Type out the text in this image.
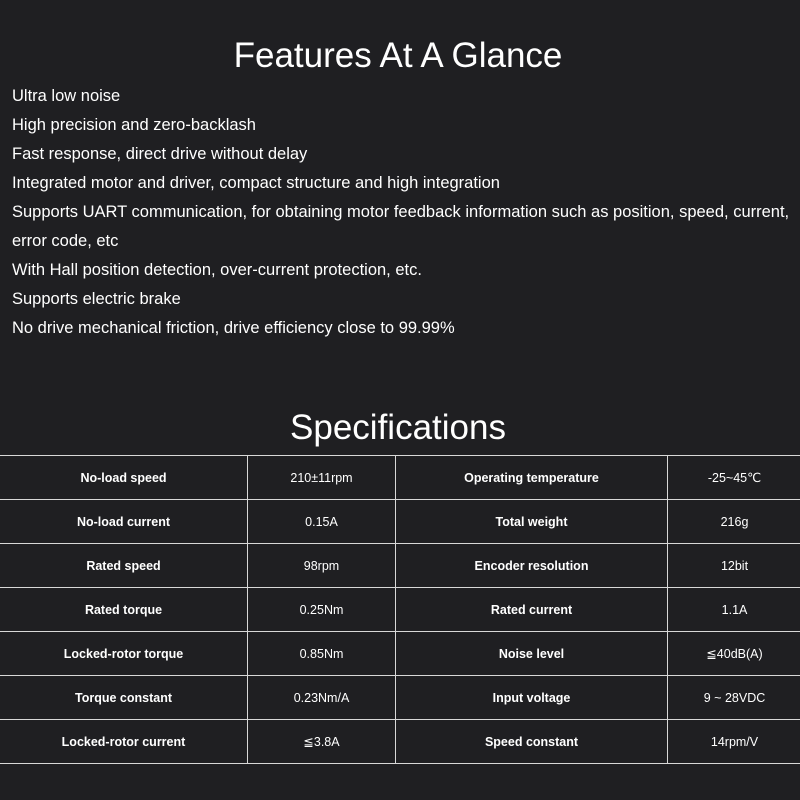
Features At A Glance
Ultra low noise
High precision and zero-backlash
Fast response, direct drive without delay
Integrated motor and driver, compact structure and high integration
Supports UART communication, for obtaining motor feedback information such as position, speed, current, error code, etc
With Hall position detection, over-current protection, etc.
Supports electric brake
No drive mechanical friction, drive efficiency close to 99.99%
Specifications
No-load speed	210±11rpm	Operating temperature	-25~45℃
No-load current	0.15A	Total weight	216g
Rated speed	98rpm	Encoder resolution	12bit
Rated torque	0.25Nm	Rated current	1.1A
Locked-rotor torque	0.85Nm	Noise level	≦40dB(A)
Torque constant	0.23Nm/A	Input voltage	9 ~ 28VDC
Locked-rotor current	≦3.8A	Speed constant	14rpm/V
